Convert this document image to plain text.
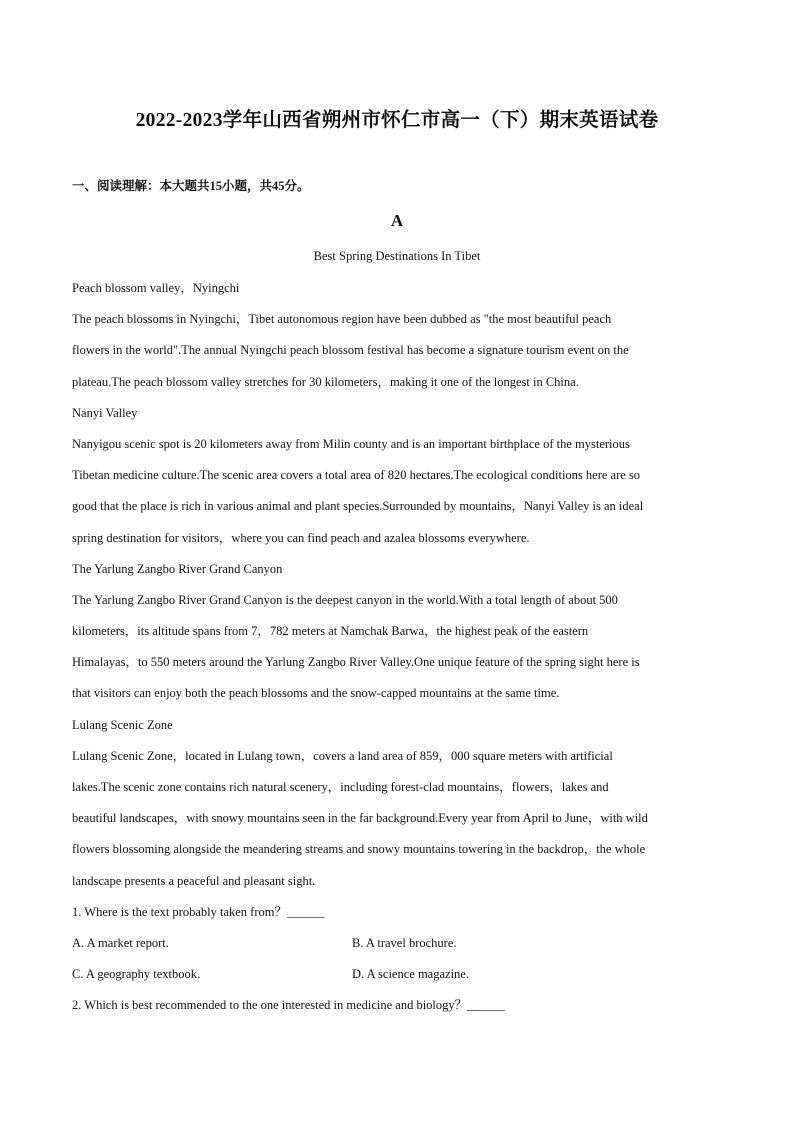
2022-2023学年山西省朔州市怀仁市高一（下）期末英语试卷
一、阅读理解：本大题共15小题，共45分。
A
Best Spring Destinations In Tibet
Peach blossom valley，Nyingchi
The peach blossoms in Nyingchi，Tibet autonomous region have been dubbed as "the most beautiful peach
flowers in the world".The annual Nyingchi peach blossom festival has become a signature tourism event on the
plateau.The peach blossom valley stretches for 30 kilometers，making it one of the longest in China.
Nanyi Valley
Nanyigou scenic spot is 20 kilometers away from Milin county and is an important birthplace of the mysterious
Tibetan medicine culture.The scenic area covers a total area of 820 hectares.The ecological conditions here are so
good that the place is rich in various animal and plant species.Surrounded by mountains，Nanyi Valley is an ideal
spring destination for visitors，where you can find peach and azalea blossoms everywhere.
The Yarlung Zangbo River Grand Canyon
The Yarlung Zangbo River Grand Canyon is the deepest canyon in the world.With a total length of about 500
kilometers，its altitude spans from 7，782 meters at Namchak Barwa，the highest peak of the eastern
Himalayas，to 550 meters around the Yarlung Zangbo River Valley.One unique feature of the spring sight here is
that visitors can enjoy both the peach blossoms and the snow-capped mountains at the same time.
Lulang Scenic Zone
Lulang Scenic Zone，located in Lulang town，covers a land area of 859，000 square meters with artificial
lakes.The scenic zone contains rich natural scenery，including forest-clad mountains，flowers，lakes and
beautiful landscapes，with snowy mountains seen in the far background.Every year from April to June，with wild
flowers blossoming alongside the meandering streams and snowy mountains towering in the backdrop，the whole
landscape presents a peaceful and pleasant sight.
1. Where is the text probably taken from？______
A. A market report.	B. A travel brochure.
C. A geography textbook.	D. A science magazine.
2. Which is best recommended to the one interested in medicine and biology？______
